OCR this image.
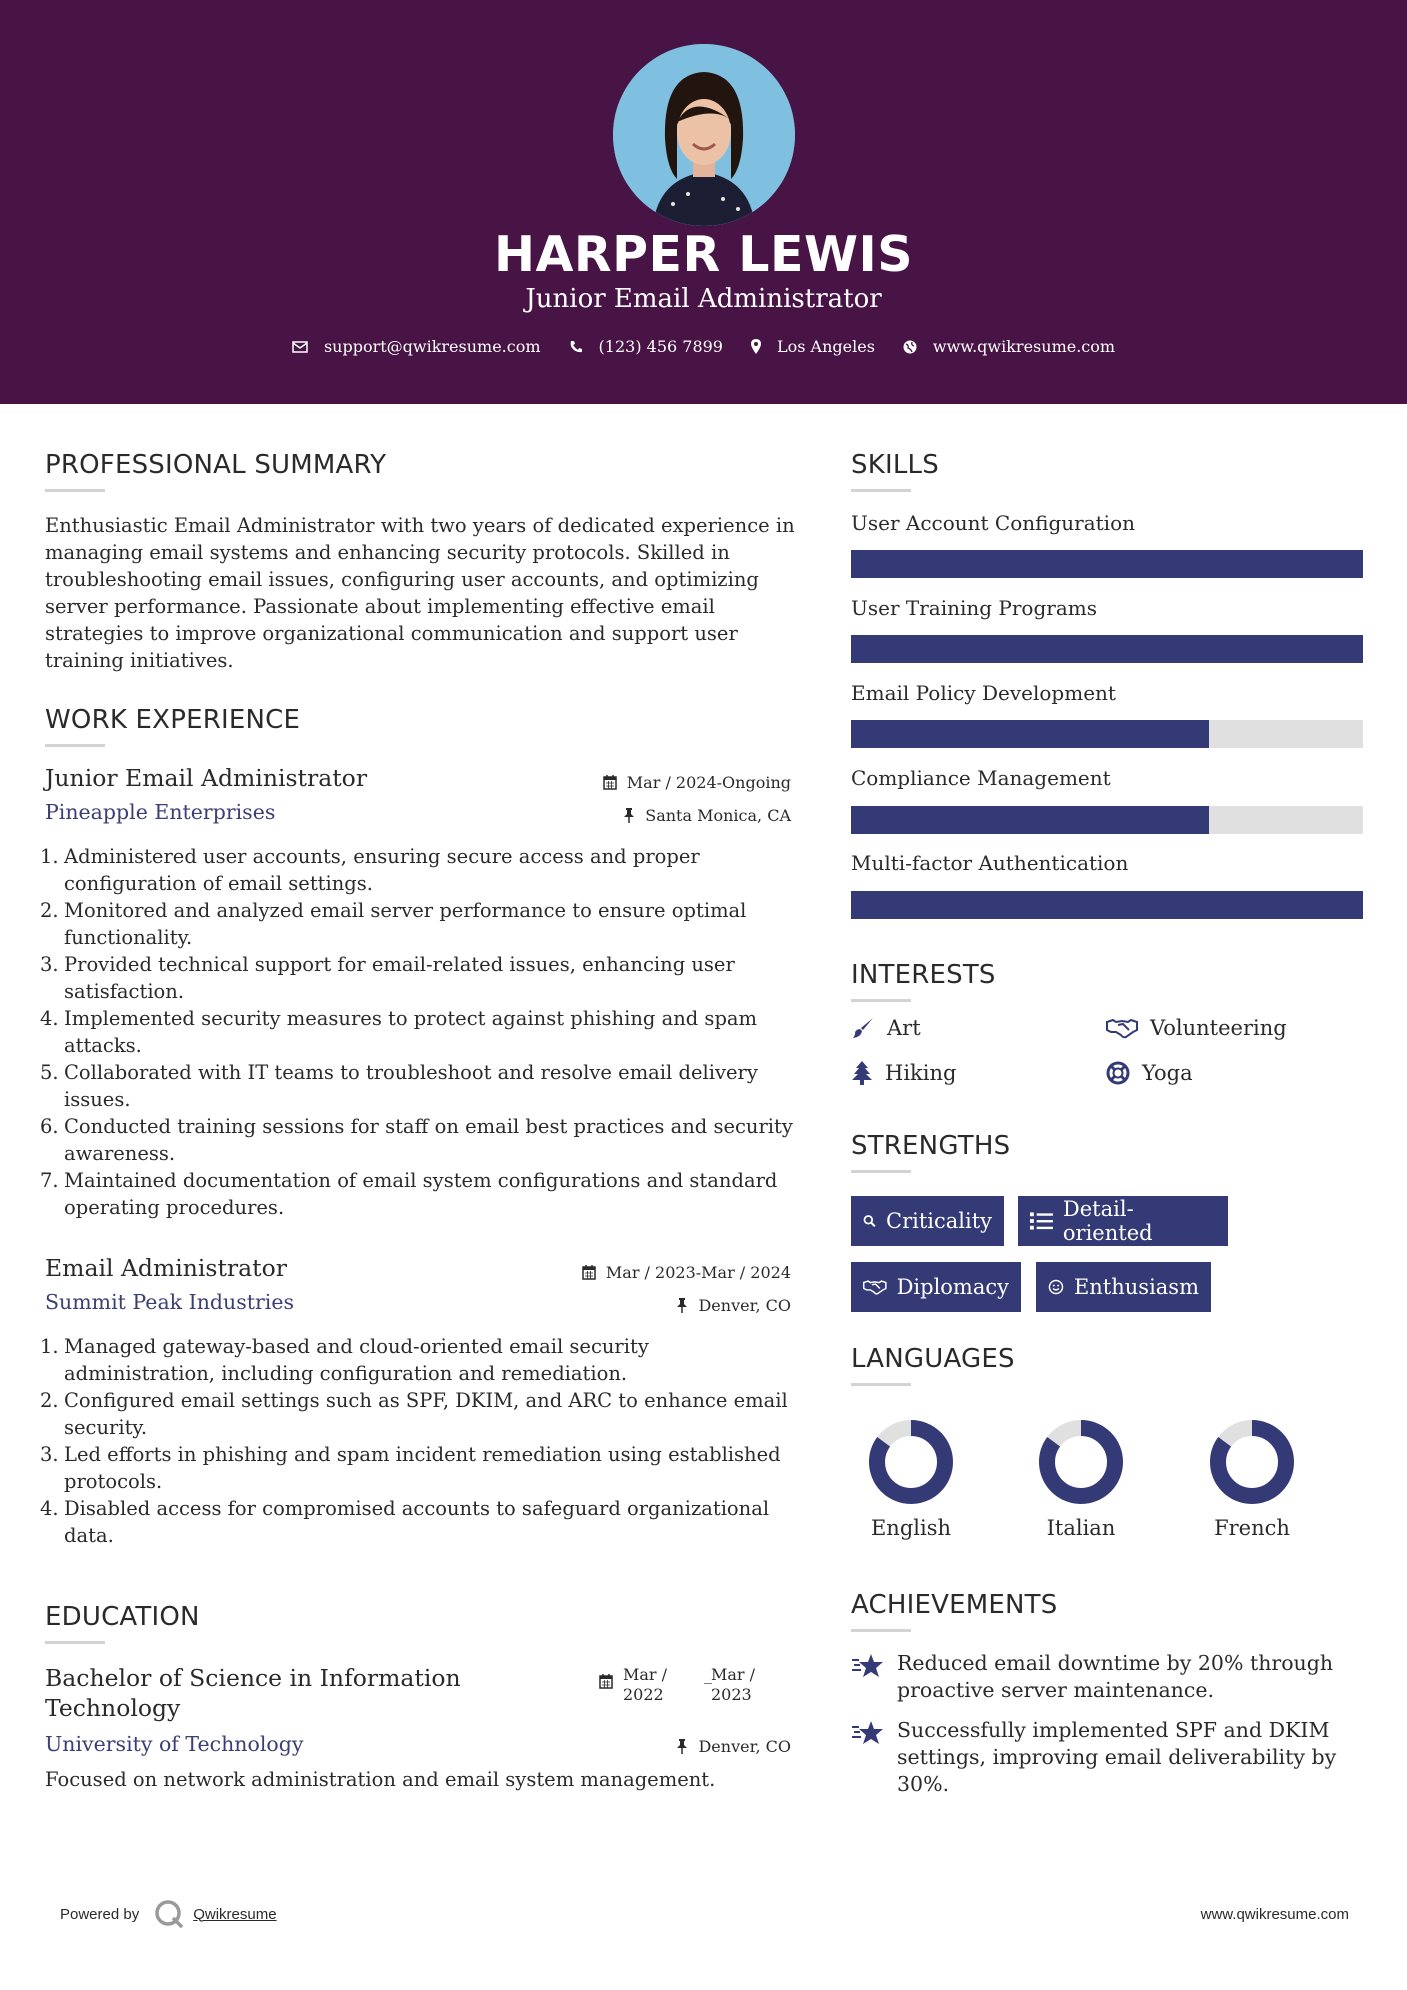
HARPER LEWIS
Junior Email Administrator
support@qwikresume.com	(123) 456 7899	Los Angeles	www.qwikresume.com
PROFESSIONAL SUMMARY
Enthusiastic Email Administrator with two years of dedicated experience in managing email systems and enhancing security protocols. Skilled in troubleshooting email issues, configuring user accounts, and optimizing server performance. Passionate about implementing effective email strategies to improve organizational communication and support user training initiatives.
WORK EXPERIENCE
Junior Email Administrator
Pineapple Enterprises
Mar / 2024-Ongoing
Santa Monica, CA
1. Administered user accounts, ensuring secure access and proper configuration of email settings.
2. Monitored and analyzed email server performance to ensure optimal functionality.
3. Provided technical support for email-related issues, enhancing user satisfaction.
4. Implemented security measures to protect against phishing and spam attacks.
5. Collaborated with IT teams to troubleshoot and resolve email delivery issues.
6. Conducted training sessions for staff on email best practices and security awareness.
7. Maintained documentation of email system configurations and standard operating procedures.
Email Administrator
Summit Peak Industries
Mar / 2023-Mar / 2024
Denver, CO
1. Managed gateway-based and cloud-oriented email security administration, including configuration and remediation.
2. Configured email settings such as SPF, DKIM, and ARC to enhance email security.
3. Led efforts in phishing and spam incident remediation using established protocols.
4. Disabled access for compromised accounts to safeguard organizational data.
EDUCATION
Bachelor of Science in Information Technology
Mar /
2022
_ Mar /
2023
University of Technology	Denver, CO
Focused on network administration and email system management.
SKILLS
User Account Configuration
User Training Programs
Email Policy Development
Compliance Management
Multi-factor Authentication
INTERESTS
Art	Volunteering
Hiking	Yoga
STRENGTHS
Criticality	Detail-oriented
Diplomacy	Enthusiasm
LANGUAGES
English	Italian	French
ACHIEVEMENTS
Reduced email downtime by 20% through proactive server maintenance.
Successfully implemented SPF and DKIM settings, improving email deliverability by 30%.
Powered by	Qwikresume	www.qwikresume.com
